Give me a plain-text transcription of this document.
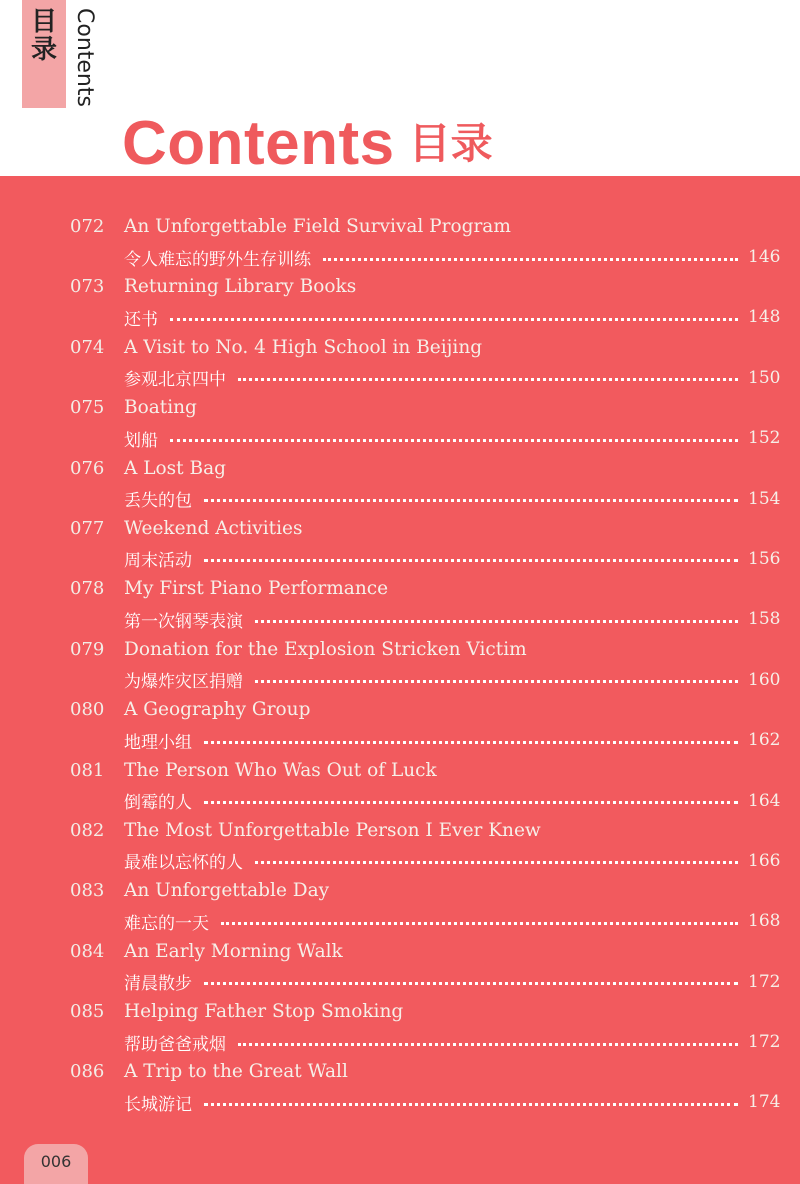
目录 Contents
Contents 目录
072	An Unforgettable Field Survival Program
令人难忘的野外生存训练	146
073	Returning Library Books
还书	148
074	A Visit to No. 4 High School in Beijing
参观北京四中	150
075	Boating
划船	152
076	A Lost Bag
丢失的包	154
077	Weekend Activities
周末活动	156
078	My First Piano Performance
第一次钢琴表演	158
079	Donation for the Explosion Stricken Victim
为爆炸灾区捐赠	160
080	A Geography Group
地理小组	162
081	The Person Who Was Out of Luck
倒霉的人	164
082	The Most Unforgettable Person I Ever Knew
最难以忘怀的人	166
083	An Unforgettable Day
难忘的一天	168
084	An Early Morning Walk
清晨散步	172
085	Helping Father Stop Smoking
帮助爸爸戒烟	172
086	A Trip to the Great Wall
长城游记	174
006
